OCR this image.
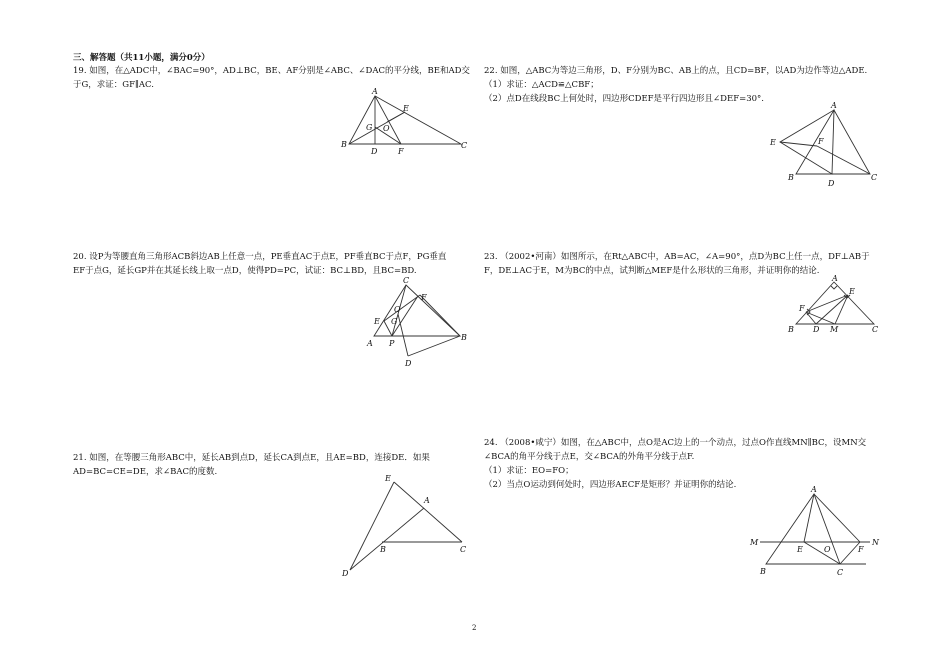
三、解答题（共11小题，满分0分）

19. 如图，在△ADC中，∠BAC=90°，AD⊥BC，BE、AF分别是∠ABC、∠DAC的平分线，BE和AD交

于G，求证：GF∥AC.

A
E
G O
B
D	F
C

20. 设P为等腰直角三角形ACB斜边AB上任意一点，PE垂直AC于点E，PF垂直BC于点F，PG垂直

EF于点G，延长GP并在其延长线上取一点D，使得PD=PC，试证：BC⊥BD，且BC=BD.

C
F
E
O
G
A P
B
D

21. 如图，在等腰三角形ABC中，延长AB到点D，延长CA到点E，且AE=BD，连接DE．如果

AD=BC=CE=DE，求∠BAC的度数.

E
A
B	C
D

22. 如图，△ABC为等边三角形，D、F分别为BC、AB上的点，且CD=BF，以AD为边作等边△ADE.

（1）求证：△ACD≌△CBF；

（2）点D在线段BC上何处时，四边形CDEF是平行四边形且∠DEF=30°.

A
F
E
B
D
C

23. （2002•河南）如图所示，在Rt△ABC中，AB=AC，∠A=90°，点D为BC上任一点，DF⊥AB于

F，DE⊥AC于E，M为BC的中点，试判断△MEF是什么形状的三角形，并证明你的结论.

A
E
F
B D M	C

24. （2008•咸宁）如图，在△ABC中，点O是AC边上的一个动点，过点O作直线MN∥BC，设MN交

∠BCA的角平分线于点E，交∠BCA的外角平分线于点F.

（1）求证：EO=FO；

（2）当点O运动到何处时，四边形AECF是矩形？并证明你的结论.	A
M
E	O	F
N
B	C
2
